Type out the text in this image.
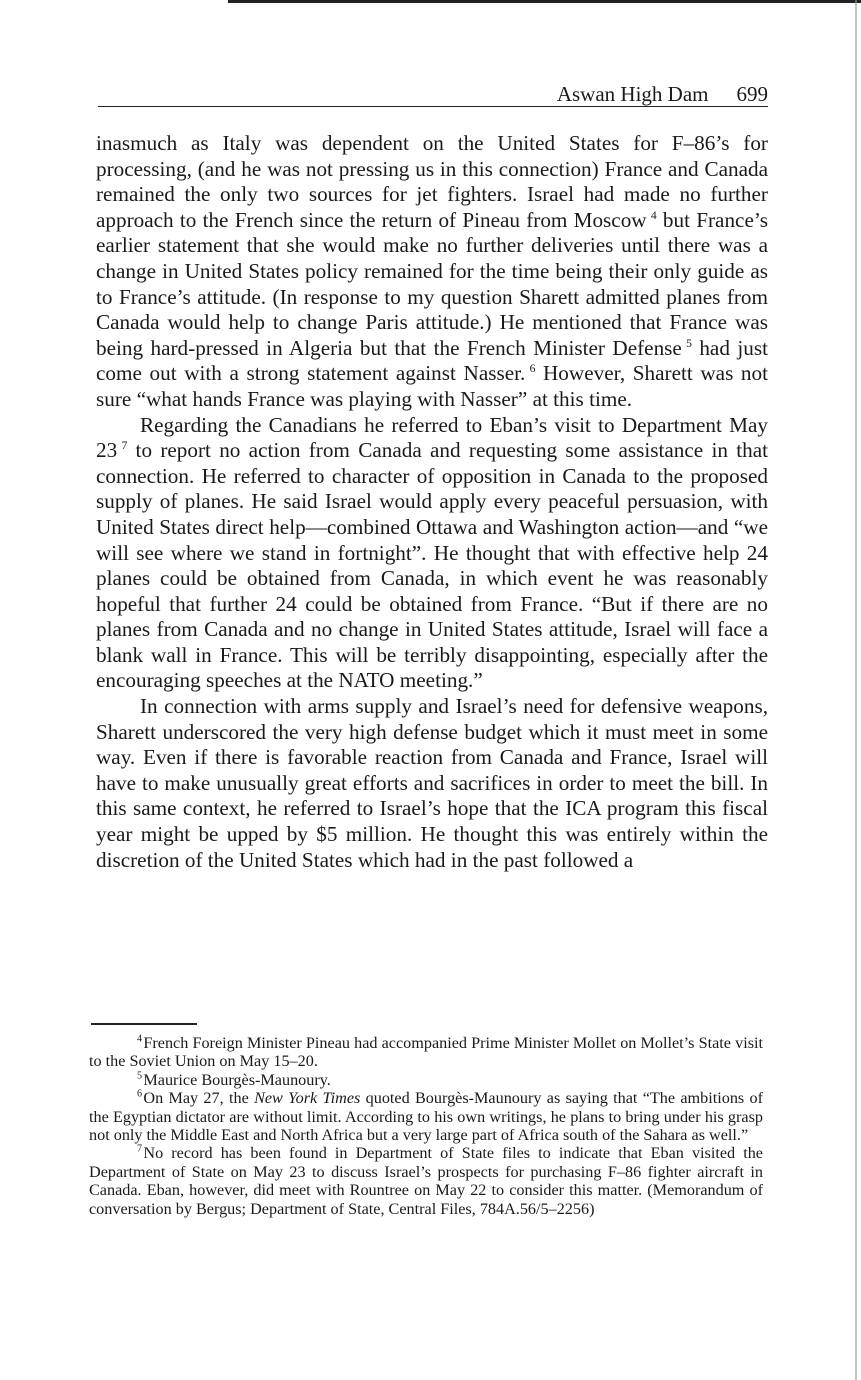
Aswan High Dam 699

inasmuch as Italy was dependent on the United States for F–86’s for processing, (and he was not pressing us in this connection) France and Canada remained the only two sources for jet fighters. Israel had made no further approach to the French since the return of Pineau from Moscow  $^4$ but France’s earlier statement that she would make no further deliveries until there was a change in United States policy remained for the time being their only guide as to France’s attitude. (In response to my question Sharett admitted planes from Canada would help to change Paris attitude.) He mentioned that France was being hard-pressed in Algeria but that the French Minister Defense  $^5$ had just come out with a strong statement against Nasser.  $^6$ However, Sharett was not sure “what hands France was playing with Nasser” at this time.

Regarding the Canadians he referred to Eban’s visit to Department May 23  $^7$ to report no action from Canada and requesting some assistance in that connection. He referred to character of opposition in Canada to the proposed supply of planes. He said Israel would apply every peaceful persuasion, with United States direct help—combined Ottawa and Washington action—and “we will see where we stand in fortnight”. He thought that with effective help 24 planes could be obtained from Canada, in which event he was reasonably hopeful that further 24 could be obtained from France. “But if there are no planes from Canada and no change in United States attitude, Israel will face a blank wall in France. This will be terribly disappointing, especially after the encouraging speeches at the NATO meeting.”

In connection with arms supply and Israel’s need for defensive weapons, Sharett underscored the very high defense budget which it must meet in some way. Even if there is favorable reaction from Canada and France, Israel will have to make unusually great efforts and sacrifices in order to meet the bill. In this same context, he referred to Israel’s hope that the ICA program this fiscal year might be upped by $5 million. He thought this was entirely within the discretion of the United States which had in the past followed a

$^4$ French Foreign Minister Pineau had accompanied Prime Minister Mollet on Mollet’s State visit to the Soviet Union on May 15–20.

$^5$ Maurice Bourgès-Maunoury.

$^6$ On May 27, the New York Times quoted Bourgès-Maunoury as saying that “The ambitions of the Egyptian dictator are without limit. According to his own writings, he plans to bring under his grasp not only the Middle East and North Africa but a very large part of Africa south of the Sahara as well.”

$^7$ No record has been found in Department of State files to indicate that Eban visited the Department of State on May 23 to discuss Israel’s prospects for purchasing F–86 fighter aircraft in Canada. Eban, however, did meet with Rountree on May 22 to consider this matter. (Memorandum of conversation by Bergus; Department of State, Central Files, 784A.56/5–2256)
